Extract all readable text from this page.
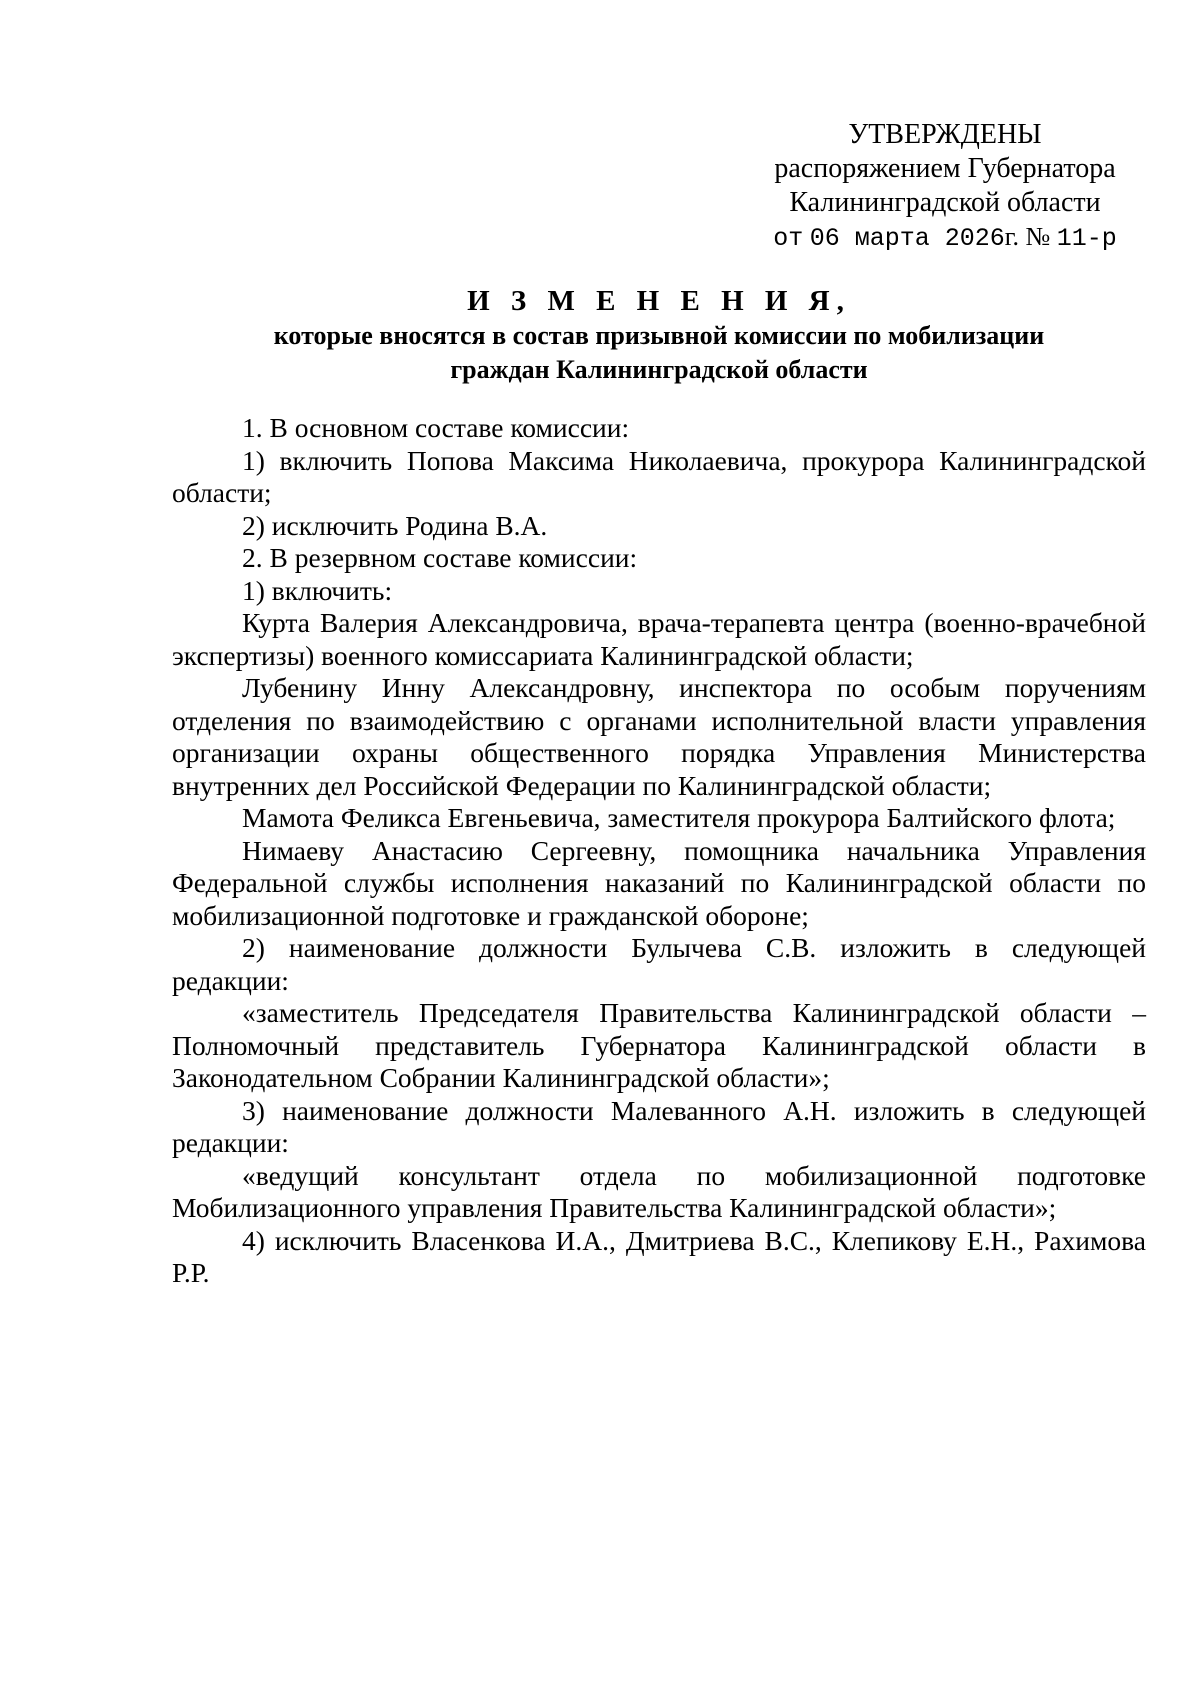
УТВЕРЖДЕНЫ
распоряжением Губернатора
Калининградской области
от 06 марта 2026г. № 11-р
И З М Е Н Е Н И Я,
которые вносятся в состав призывной комиссии по мобилизации
граждан Калининградской области

1. В основном составе комиссии:

1) включить Попова Максима Николаевича, прокурора Калининградской области;

2) исключить Родина В.А.

2. В резервном составе комиссии:

1) включить:

Курта Валерия Александровича, врача-терапевта центра (военно-врачебной экспертизы) военного комиссариата Калининградской области;

Лубенину Инну Александровну, инспектора по особым поручениям отделения по взаимодействию с органами исполнительной власти управления организации охраны общественного порядка Управления Министерства внутренних дел Российской Федерации по Калининградской области;

Мамота Феликса Евгеньевича, заместителя прокурора Балтийского флота;

Нимаеву Анастасию Сергеевну, помощника начальника Управления Федеральной службы исполнения наказаний по Калининградской области по мобилизационной подготовке и гражданской обороне;

2) наименование должности Булычева С.В. изложить в следующей редакции:

«заместитель Председателя Правительства Калининградской области – Полномочный представитель Губернатора Калининградской области в Законодательном Собрании Калининградской области»;

3) наименование должности Малеванного А.Н. изложить в следующей редакции:

«ведущий консультант отдела по мобилизационной подготовке Мобилизационного управления Правительства Калининградской области»;

4) исключить Власенкова И.А., Дмитриева В.С., Клепикову Е.Н., Рахимова Р.Р.
